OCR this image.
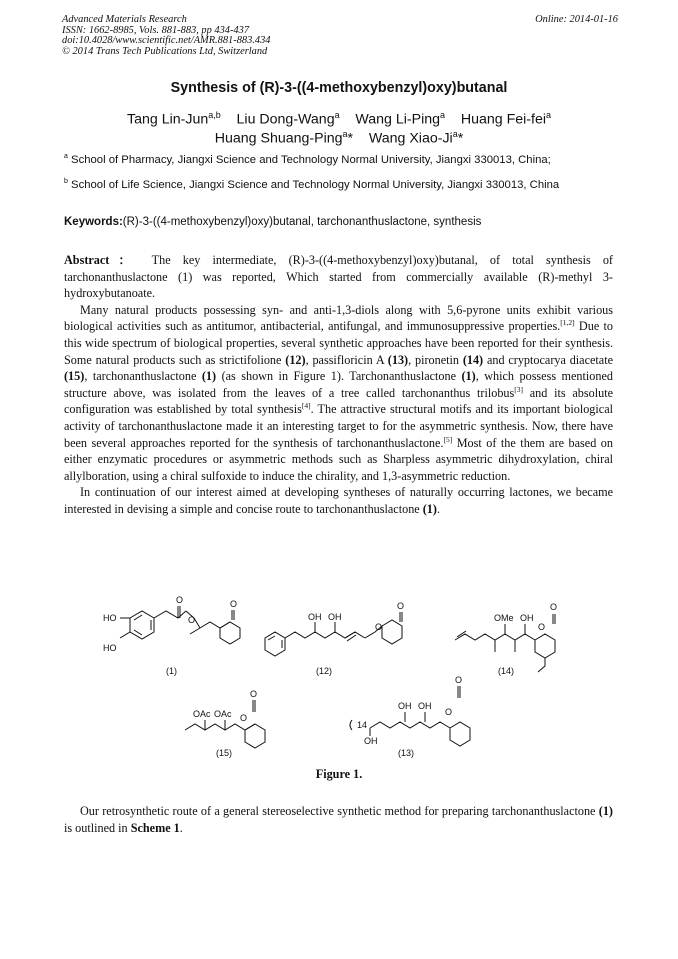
Advanced Materials Research
ISSN: 1662-8985, Vols. 881-883, pp 434-437
doi:10.4028/www.scientific.net/AMR.881-883.434
© 2014 Trans Tech Publications Ltd, Switzerland
Online: 2014-01-16
Synthesis of (R)-3-((4-methoxybenzyl)oxy)butanal
Tang Lin-Jun$^{a,b}$ Liu Dong-Wang$^a$ Wang Li-Ping$^a$ Huang Fei-fei$^a$
Huang Shuang-Ping$^a$* Wang Xiao-Ji$^a$*
$^a$ School of Pharmacy, Jiangxi Science and Technology Normal University, Jiangxi 330013, China;
$^b$ School of Life Science, Jiangxi Science and Technology Normal University, Jiangxi 330013, China
Keywords:(R)-3-((4-methoxybenzyl)oxy)butanal, tarchonanthuslactone, synthesis

Abstract： The key intermediate, (R)-3-((4-methoxybenzyl)oxy)butanal, of total synthesis of tarchonanthuslactone (1) was reported, Which started from commercially available (R)-methyl 3-hydroxybutanoate.

Many natural products possessing syn- and anti-1,3-diols along with 5,6-pyrone units exhibit various biological activities such as antitumor, antibacterial, antifungal, and immunosuppressive properties.[1,2] Due to this wide spectrum of biological properties, several synthetic approaches have been reported for their synthesis. Some natural products such as strictifolione (12), passifloricin A (13), pironetin (14) and cryptocarya diacetate (15), tarchonanthuslactone (1) (as shown in Figure 1). Tarchonanthuslactone (1), which possess mentioned structure above, was isolated from the leaves of a tree called tarchonanthus trilobus[3] and its absolute configuration was established by total synthesis[4]. The attractive structural motifs and its important biological activity of tarchonanthuslactone made it an interesting target to for the asymmetric synthesis. Now, there have been several approaches reported for the synthesis of tarchonanthuslactone.[5] Most of the them are based on either enzymatic procedures or asymmetric methods such as Sharpless asymmetric dihydroxylation, chiral allylboration, using a chiral sulfoxide to induce the chirality, and 1,3-asymmetric reduction.

In continuation of our interest aimed at developing syntheses of naturally occurring lactones, we became interested in devising a simple and concise route to tarchonanthuslactone (1).

HO
HO
O
O
O
(1)
OH OH
O
O
(12)
OMe OH
O
O
(14)
OAc OAc O
O
(15)
14
OH
OH OH
O
O
(13)
Figure 1.

Our retrosynthetic route of a general stereoselective synthetic method for preparing tarchonanthuslactone (1) is outlined in Scheme 1.
